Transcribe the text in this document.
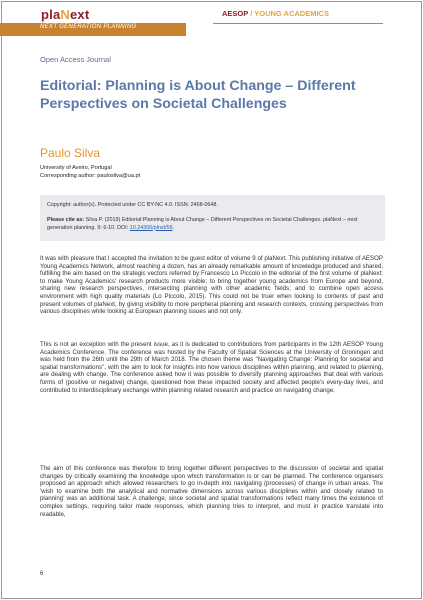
plaNext
NEXT GENERATION PLANNING
AESOP / YOUNG ACADEMICS
Open Access Journal
Editorial: Planning is About Change – Different Perspectives on Societal Challenges
Paulo Silva
University of Aveiro, Portugal
Corresponding author: paulosilva@ua.pt
Copyright: author(s). Protected under CC BY-NC 4.0. ISSN: 2468-0648.
Please cite as: Silva P. (2019) Editorial:Planning is About Change – Different Perspectives on Societal Challenges. plaNext – next generation planning. 9: 6-10. DOI: 10.24306/plnxt/56.

It was with pleasure that I accepted the invitation to be guest editor of volume 9 of plaNext. This publishing initiative of AESOP Young Academics Network, almost reaching a dozen, has an already remarkable amount of knowledge produced and shared, fulfilling the aim based on the strategic vectors referred by Francesco Lo Piccolo in the editorial of the first volume of plaNext: to make Young Academics' research products more visible; to bring together young academics from Europe and beyond, sharing new research perspectives, intersecting planning with other academic fields; and to combine open access environment with high quality materials (Lo Piccolo, 2015). This could not be truer when looking to contents of past and present volumes of plaNext, by giving visibility to more peripheral planning and research contexts, crossing perspectives from various disciplines while looking at European planning issues and not only.

This is not an exception with the present issue, as it is dedicated to contributions from participants in the 12th AESOP Young Academics Conference. The conference was hosted by the Faculty of Spatial Sciences at the University of Groningen and was held from the 26th until the 29th of March 2018. The chosen theme was "Navigating Change: Planning for societal and spatial transformations", with the aim to look for insights into how various disciplines within planning, and related to planning, are dealing with change. The conference asked how it was possible to diversify planning approaches that deal with various forms of (positive or negative) change, questioned how these impacted society and affected people's every-day lives, and contributed to interdisciplinary exchange within planning related research and practice on navigating change.

The aim of this conference was therefore to bring together different perspectives to the discussion of societal and spatial changes by critically examining the knowledge upon which transformation is or can be planned. The conference organisers proposed an approach which allowed researchers to go in-depth into navigating (processes) of change in urban areas. The 'wish to examine both the analytical and normative dimensions across various disciplines within and closely related to planning' was an additional task. A challenge, since societal and spatial transformations reflect many times the existence of complex settings, requiring tailor made responses, which planning tries to interpret, and must in practice translate into readable,

6
